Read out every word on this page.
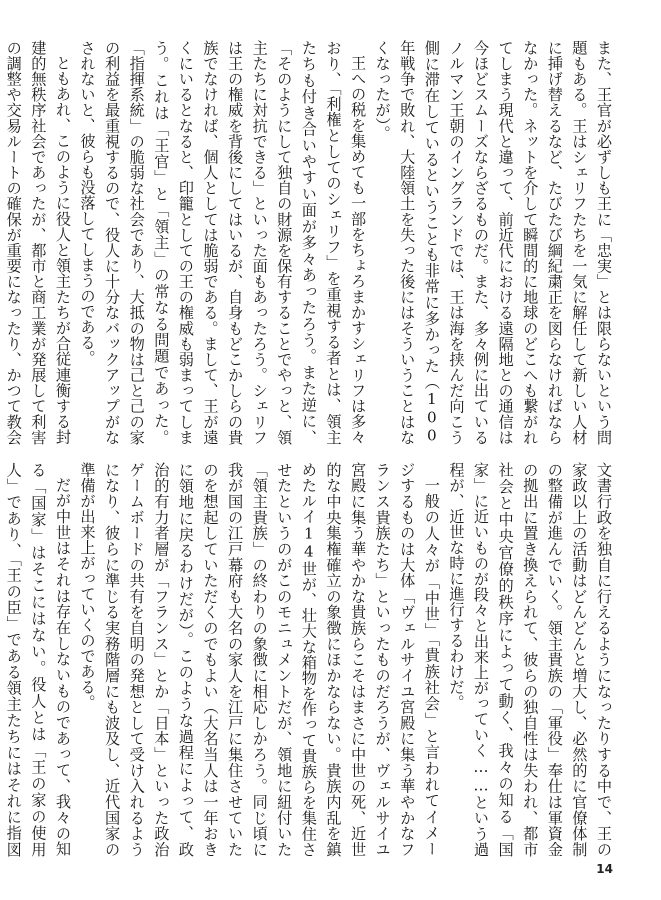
また、王官が必ずしも王に「忠実」とは限らないという問題もある。王はシェリフたちを一気に解任して新しい人材に挿げ替えるなど、たびたび綱紀粛正を図らなければならなかった。ネットを介して瞬間的に地球のどこへも繋がれてしまう現代と違って、前近代における遠隔地との通信は今ほどスムーズならざるものだ。また、多々例に出ているノルマン王朝のイングランドでは、王は海を挟んだ向こう側に滞在しているということも非常に多かった（100年戦争で敗れ、大陸領土を失った後にはそういうことはなくなったが）。

王への税を集めても一部をちょろまかすシェリフは多々おり、「利権としてのシェリフ」を重視する者とは、領主たちも付き合いやすい面が多々あったろう。また逆に、「そのようにして独自の財源を保有することでやっと、領主たちに対抗できる」といった面もあったろう。シェリフは王の権威を背後にしてはいるが、自身もどこかしらの貴族でなければ、個人としては脆弱である。まして、王が遠くにいるとなると、印籠としての王の権威も弱まってしまう。これは「王官」と「領主」の常なる問題であった。「指揮系統」の脆弱な社会であり、大抵の物は己と己の家の利益を最重視するので、役人に十分なバックアップがなされないと、彼らも没落してしまうのである。

ともあれ、このように役人と領主たちが合従連衡する封建的無秩序社会であったが、都市と商工業が発展して利害の調整や交易ルートの確保が重要になったり、かつて教会

文書行政を独自に行えるようになったりする中で、王の家政以上の活動はどんどんと増大し、必然的に官僚体制の整備が進んでいく。領主貴族の「軍役」奉仕は軍資金の拠出に置き換えられて、彼らの独自性は失われ、都市社会と中央官僚的秩序によって動く、我々の知る「国家」に近いものが段々と出来上がっていく……という過程が、近世な時に進行するわけだ。

一般の人々が「中世」「貴族社会」と言われてイメージするものは大体「ヴェルサイユ宮殿に集う華やかなフランス貴族たち」といったものだろうが、ヴェルサイユ宮殿に集う華やかな貴族らこそはまさに中世の死、近世的な中央集権確立の象徴にほかならない。貴族内乱を鎮めたルイ14世が、壮大な箱物を作って貴族らを集住させたというのがこのモニュメントだが、領地に紐付いた「領主貴族」の終わりの象徴に相応しかろう。同じ頃に我が国の江戸幕府も大名の家人を江戸に集住させていたのを想起していただくのでもよい（大名当人は一年おきに領地に戻るわけだが）。このような過程によって、政治的有力者層が「フランス」とか「日本」といった政治ゲームボードの共有を自明の発想として受け入れるようになり、彼らに準じる実務階層にも波及し、近代国家の準備が出来上がっていくのである。

だが中世はそれは存在しないものであって、我々の知る「国家」はそこにはない。役人とは「王の家の使用人」であり、「王の臣」である領主たちにはそれに指図

14
